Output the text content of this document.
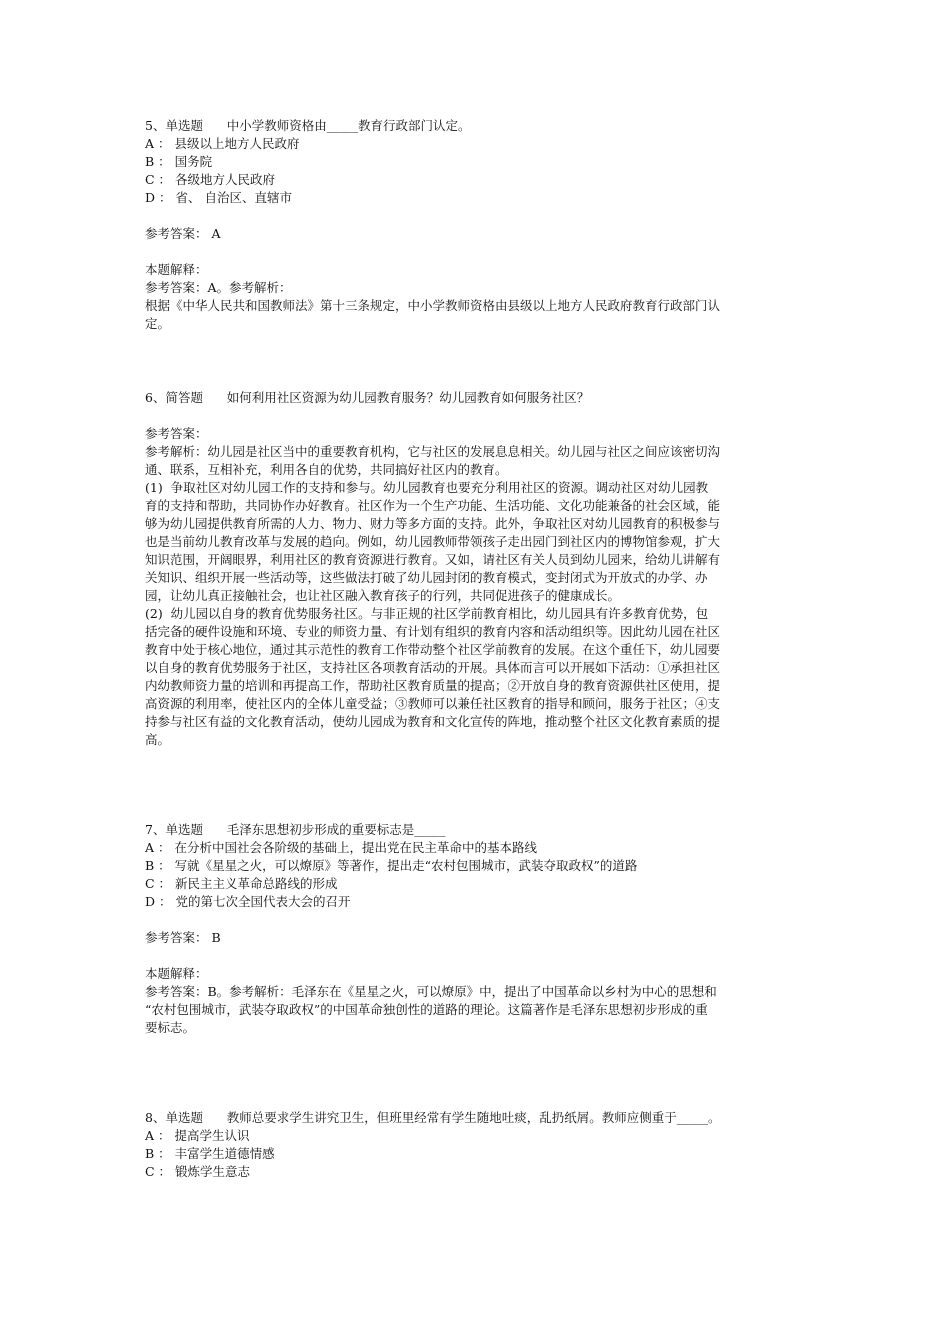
5、单选题      中小学教师资格由_____教育行政部门认定。

A ： 县级以上地方人民政府

B ： 国务院

C ： 各级地方人民政府

D ： 省、 自治区、直辖市

参考答案： A

本题解释：

参考答案：A。参考解析：

根据《中华人民共和国教师法》第十三条规定，中小学教师资格由县级以上地方人民政府教育行政部门认

定。

6、简答题      如何利用社区资源为幼儿园教育服务？幼儿园教育如何服务社区？

参考答案：

参考解析：幼儿园是社区当中的重要教育机构，它与社区的发展息息相关。幼儿园与社区之间应该密切沟

通、联系，互相补充，利用各自的优势，共同搞好社区内的教育。

(1)  争取社区对幼儿园工作的支持和参与。幼儿园教育也要充分利用社区的资源。调动社区对幼儿园教

育的支持和帮助，共同协作办好教育。社区作为一个生产功能、生活功能、文化功能兼备的社会区域，能

够为幼儿园提供教育所需的人力、物力、财力等多方面的支持。此外，争取社区对幼儿园教育的积极参与

也是当前幼儿教育改革与发展的趋向。例如，幼儿园教师带领孩子走出园门到社区内的博物馆参观，扩大

知识范围，开阔眼界，利用社区的教育资源进行教育。又如，请社区有关人员到幼儿园来，给幼儿讲解有

关知识、组织开展一些活动等，这些做法打破了幼儿园封闭的教育模式，变封闭式为开放式的办学、办

园，让幼儿真正接触社会，也让社区融入教育孩子的行列，共同促进孩子的健康成长。

(2)  幼儿园以自身的教育优势服务社区。与非正规的社区学前教育相比，幼儿园具有许多教育优势，包

括完备的硬件设施和环境、专业的师资力量、有计划有组织的教育内容和活动组织等。因此幼儿园在社区

教育中处于核心地位，通过其示范性的教育工作带动整个社区学前教育的发展。在这个重任下，幼儿园要

以自身的教育优势服务于社区，支持社区各项教育活动的开展。具体而言可以开展如下活动：①承担社区

内幼教师资力量的培训和再提高工作，帮助社区教育质量的提高；②开放自身的教育资源供社区使用，提

高资源的利用率，使社区内的全体儿童受益；③教师可以兼任社区教育的指导和顾问，服务于社区；④支

持参与社区有益的文化教育活动，使幼儿园成为教育和文化宣传的阵地，推动整个社区文化教育素质的提

高。

7、单选题      毛泽东思想初步形成的重要标志是_____

A ： 在分析中国社会各阶级的基础上，提出党在民主革命中的基本路线

B ： 写就《星星之火，可以燎原》等著作，提出走“农村包围城市，武装夺取政权”的道路

C ： 新民主主义革命总路线的形成

D ： 党的第七次全国代表大会的召开

参考答案： B

本题解释：

参考答案：B。参考解析：毛泽东在《星星之火，可以燎原》中，提出了中国革命以乡村为中心的思想和

“农村包围城市，武装夺取政权”的中国革命独创性的道路的理论。这篇著作是毛泽东思想初步形成的重

要标志。

8、单选题      教师总要求学生讲究卫生，但班里经常有学生随地吐痰，乱扔纸屑。教师应侧重于_____。

A ： 提高学生认识

B ： 丰富学生道德情感

C ： 锻炼学生意志
